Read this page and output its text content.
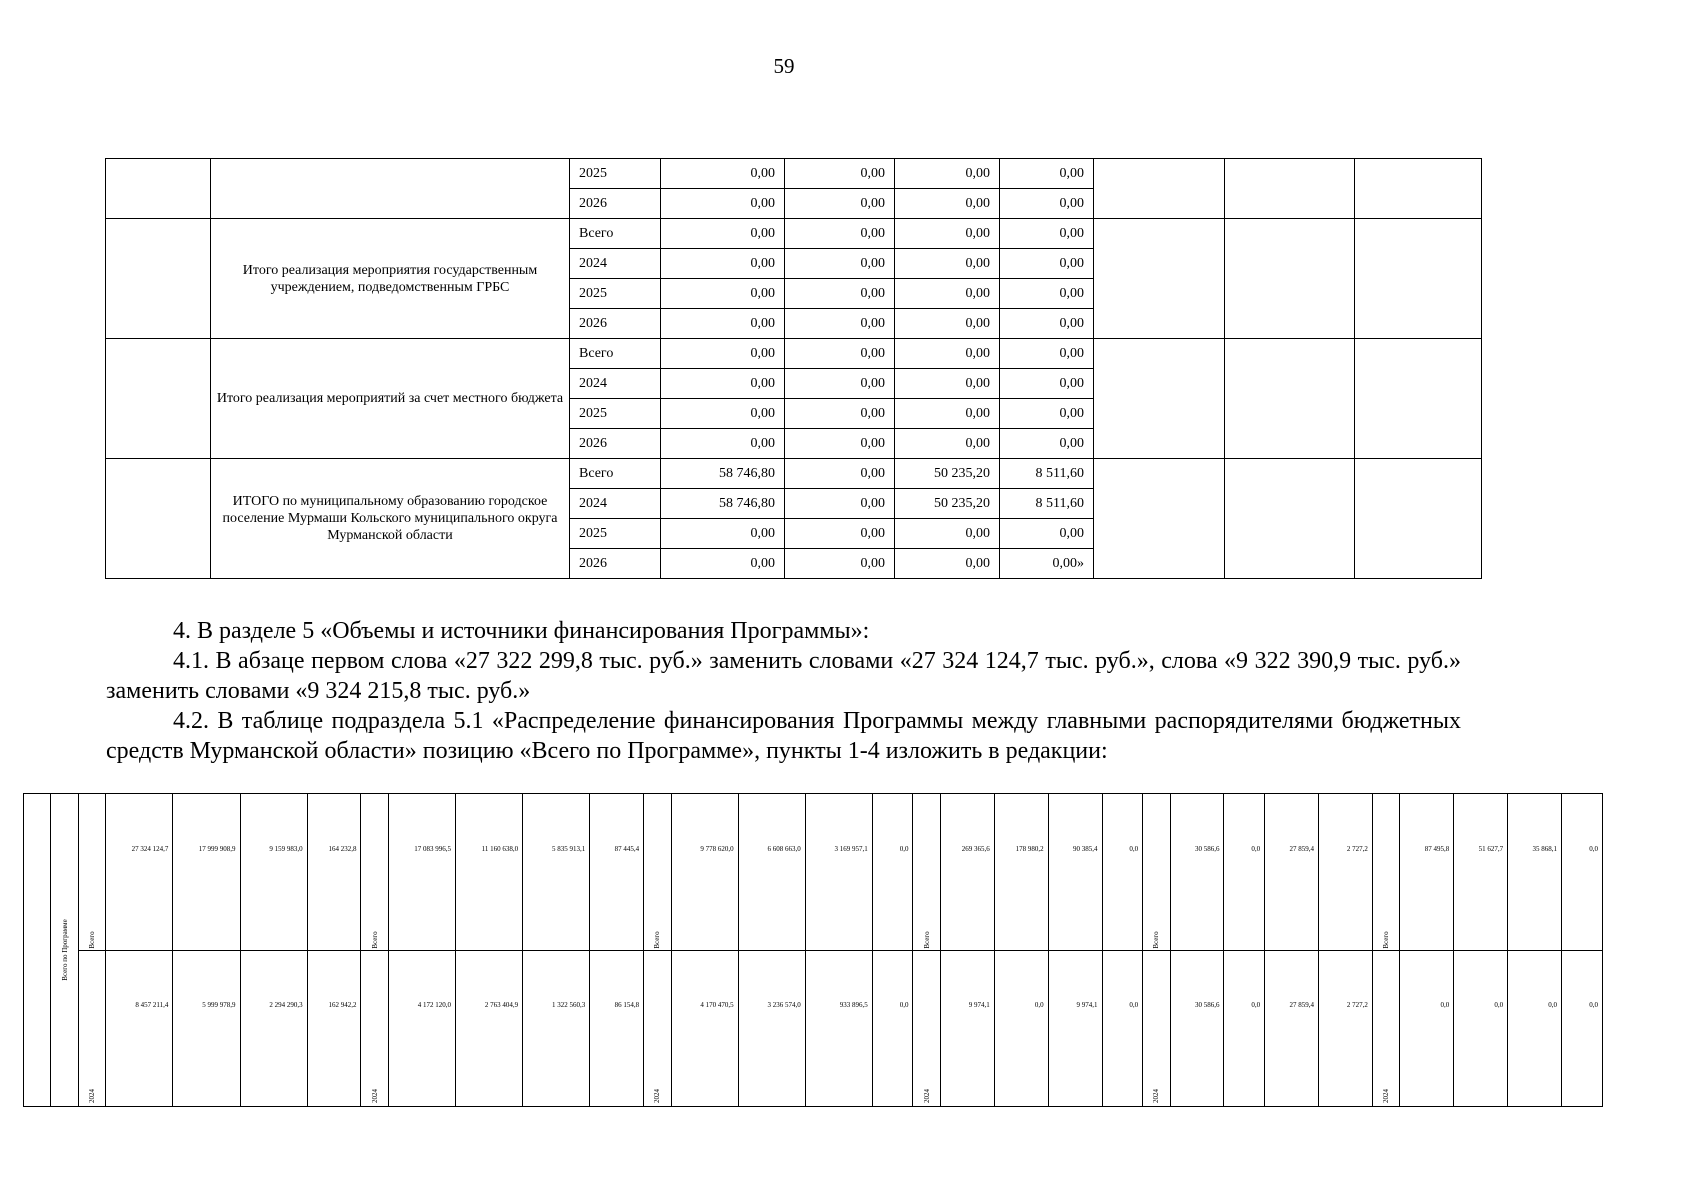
59
		2025	0,00	0,00	0,00	0,00			
		2026	0,00	0,00	0,00	0,00			
	Итого реализация мероприятия государственным учреждением, подведомственным ГРБС	Всего	0,00	0,00	0,00	0,00			
		2024	0,00	0,00	0,00	0,00			
		2025	0,00	0,00	0,00	0,00			
		2026	0,00	0,00	0,00	0,00			
	Итого реализация мероприятий за счет местного бюджета	Всего	0,00	0,00	0,00	0,00			
		2024	0,00	0,00	0,00	0,00			
		2025	0,00	0,00	0,00	0,00			
		2026	0,00	0,00	0,00	0,00			
	ИТОГО по муниципальному образованию городское поселение Мурмаши Кольского муниципального округа Мурманской области	Всего	58 746,80	0,00	50 235,20	8 511,60			
		2024	58 746,80	0,00	50 235,20	8 511,60			
		2025	0,00	0,00	0,00	0,00			
		2026	0,00	0,00	0,00	0,00»			

4. В разделе 5 «Объемы и источники финансирования Программы»:

4.1. В абзаце первом слова «27 322 299,8 тыс. руб.» заменить словами «27 324 124,7 тыс. руб.», слова «9 322 390,9 тыс. руб.» заменить словами «9 324 215,8 тыс. руб.»

4.2. В таблице подраздела 5.1 «Распределение финансирования Программы между главными распорядителями бюджетных средств Мурманской области» позицию «Всего по Программе», пункты 1-4 изложить в редакции:

	Всего по Программе	Всего	27 324 124,7	17 999 908,9	9 159 983,0	164 232,8	Всего	17 083 996,5	11 160 638,0	5 835 913,1	87 445,4	Всего	9 778 620,0	6 608 663,0	3 169 957,1	0,0	Всего	269 365,6	178 980,2	90 385,4	0,0	Всего	30 586,6	0,0	27 859,4	2 727,2	Всего	87 495,8	51 627,7	35 868,1	0,0

		2024	8 457 211,4	5 999 978,9	2 294 290,3	162 942,2	2024	4 172 120,0	2 763 404,9	1 322 560,3	86 154,8	2024	4 170 470,5	3 236 574,0	933 896,5	0,0	2024	9 974,1	0,0	9 974,1	0,0	2024	30 586,6	0,0	27 859,4	2 727,2	2024	0,0	0,0	0,0	0,0
